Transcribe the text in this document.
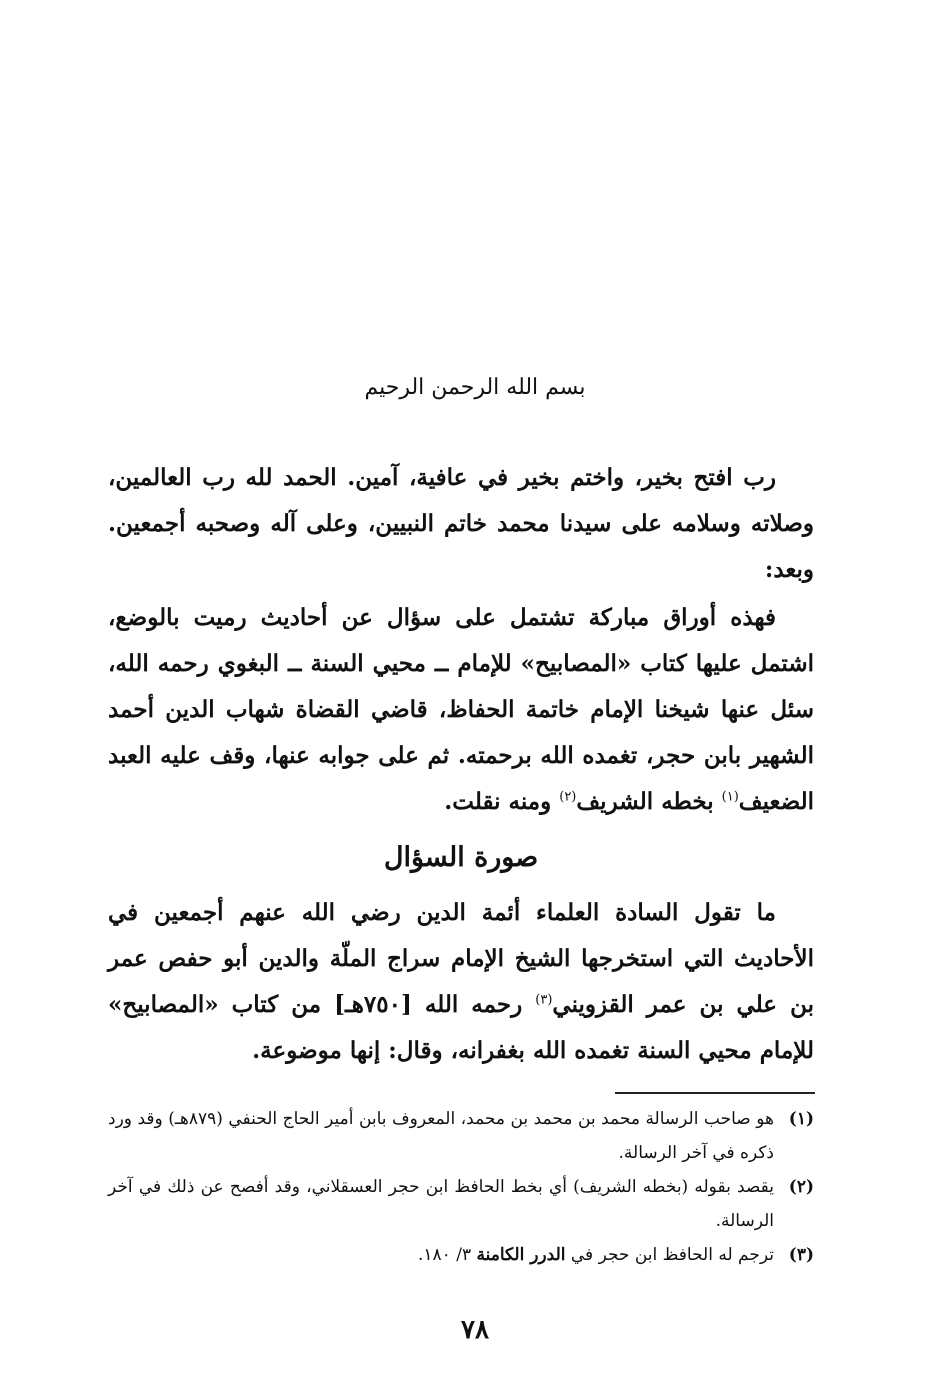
بسم الله الرحمن الرحيم

رب افتح بخير، واختم بخير في عافية، آمين. الحمد لله رب العالمين، وصلاته وسلامه على سيدنا محمد خاتم النبيين، وعلى آله وصحبه أجمعين. وبعد:

فهذه أوراق مباركة تشتمل على سؤال عن أحاديث رميت بالوضع، اشتمل عليها كتاب «المصابيح» للإمام ــ محيي السنة ــ البغوي رحمه الله، سئل عنها شيخنا الإمام خاتمة الحفاظ، قاضي القضاة شهاب الدين أحمد الشهير بابن حجر، تغمده الله برحمته. ثم على جوابه عنها، وقف عليه العبد الضعيف$^{(١)}$ بخطه الشريف$^{(٢)}$ ومنه نقلت.

صورة السؤال

ما تقول السادة العلماء أئمة الدين رضي الله عنهم أجمعين في الأحاديث التي استخرجها الشيخ الإمام سراج الملّة والدين أبو حفص عمر بن علي بن عمر القزويني$^{(٣)}$ رحمه الله [٧٥٠هـ] من كتاب «المصابيح» للإمام محيي السنة تغمده الله بغفرانه، وقال: إنها موضوعة.

(١)
هو صاحب الرسالة محمد بن محمد بن محمد، المعروف بابن أمير الحاج الحنفي (٨٧٩هـ) وقد ورد ذكره في آخر الرسالة.
(٢)
يقصد بقوله (بخطه الشريف) أي بخط الحافظ ابن حجر العسقلاني، وقد أفصح عن ذلك في آخر الرسالة.
(٣)
ترجم له الحافظ ابن حجر في الدرر الكامنة ٣/ ١٨٠.
٧٨
